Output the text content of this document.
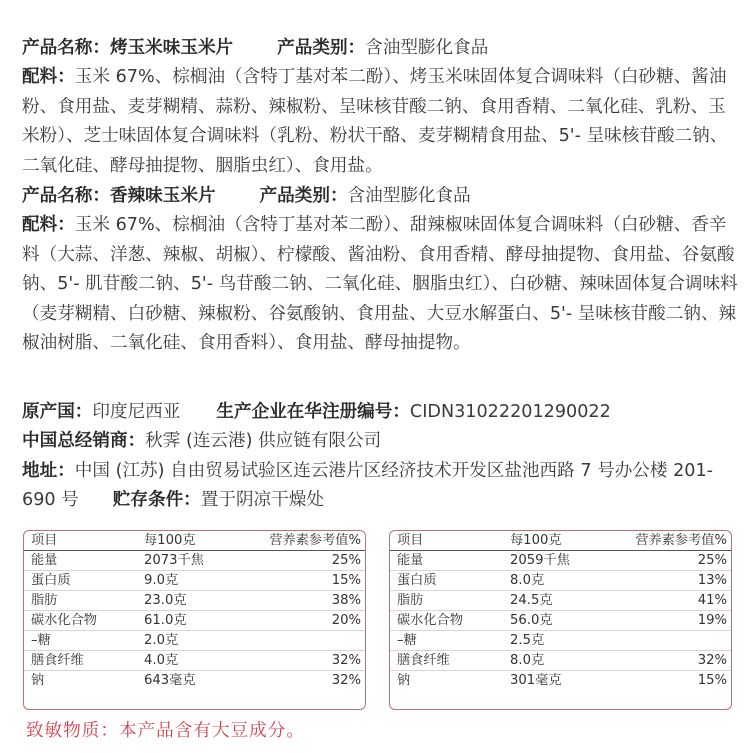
产品名称：烤玉米味玉米片	产品类别：含油型膨化食品
配料：玉米 67%、棕榈油（含特丁基对苯二酚）、烤玉米味固体复合调味料（白砂糖、酱油粉、食用盐、麦芽糊精、蒜粉、辣椒粉、呈味核苷酸二钠、食用香精、二氧化硅、乳粉、玉米粉）、芝士味固体复合调味料（乳粉、粉状干酪、麦芽糊精食用盐、5'- 呈味核苷酸二钠、二氧化硅、酵母抽提物、胭脂虫红）、食用盐。
产品名称：香辣味玉米片	产品类别：含油型膨化食品
配料：玉米 67%、棕榈油（含特丁基对苯二酚）、甜辣椒味固体复合调味料（白砂糖、香辛料（大蒜、洋葱、辣椒、胡椒）、柠檬酸、酱油粉、食用香精、酵母抽提物、食用盐、谷氨酸钠、5'- 肌苷酸二钠、5'- 鸟苷酸二钠、二氧化硅、胭脂虫红）、白砂糖、辣味固体复合调味料（麦芽糊精、白砂糖、辣椒粉、谷氨酸钠、食用盐、大豆水解蛋白、5'- 呈味核苷酸二钠、辣椒油树脂、二氧化硅、食用香料）、食用盐、酵母抽提物。
原产国：印度尼西亚 生产企业在华注册编号：CIDN31022201290022
中国总经销商：秋霁 (连云港) 供应链有限公司
地址：中国 (江苏) 自由贸易试验区连云港片区经济技术开发区盐池西路 7 号办公楼 201-690 号 贮存条件：置于阴凉干燥处
项目	每100克	营养素参考值%
能量	2073千焦	25%
蛋白质	9.0克	15%
脂肪	23.0克	38%
碳水化合物	61.0克	20%
–糖	2.0克	
膳食纤维	4.0克	32%
钠	643毫克	32%
项目	每100克	营养素参考值%
能量	2059千焦	25%
蛋白质	8.0克	13%
脂肪	24.5克	41%
碳水化合物	56.0克	19%
–糖	2.5克	
膳食纤维	8.0克	32%
钠	301毫克	15%
致敏物质：本产品含有大豆成分。
